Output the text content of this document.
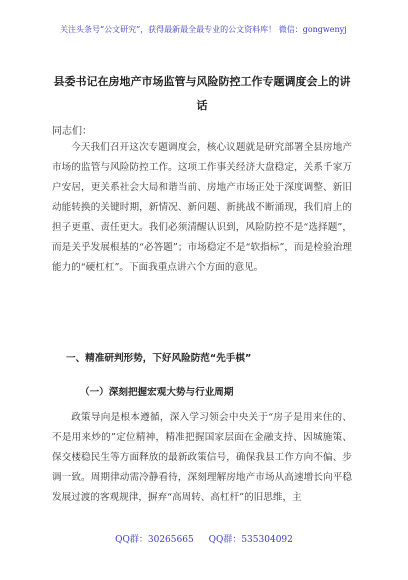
关注头条号“公文研究”，获得最新最全最专业的公文资料库！ 微信：gongwenyj
县委书记在房地产市场监管与风险防控工作专题调度会上的讲话
同志们：
今天我们召开这次专题调度会，核心议题就是研究部署全县房地产市场的监管与风险防控工作。这项工作事关经济大盘稳定，关系千家万户安居，更关系社会大局和谐当前、房地产市场正处于深度调整、新旧动能转换的关键时期，新情况、新问题、新挑战不断涌现，我们肩上的担子更重、责任更大。我们必须清醒认识到，风险防控不是“选择题”，而是关乎发展根基的“必答题”；市场稳定不是“软指标”，而是检验治理能力的“硬杠杠”。下面我重点讲六个方面的意见。
一、精准研判形势，下好风险防范“先手棋”
（一）深刻把握宏观大势与行业周期
政策导向是根本遵循，深入学习领会中央关于“房子是用来住的、不是用来炒的”定位精神，精准把握国家层面在金融支持、因城施策、保交楼稳民生等方面释放的最新政策信号，确保我县工作方向不偏、步调一致。周期律动需冷静看待，深刻理解房地产市场从高速增长向平稳发展过渡的客观规律，摒弃“高周转、高杠杆”的旧思维，主
QQ群：30265665 QQ群：535304092
